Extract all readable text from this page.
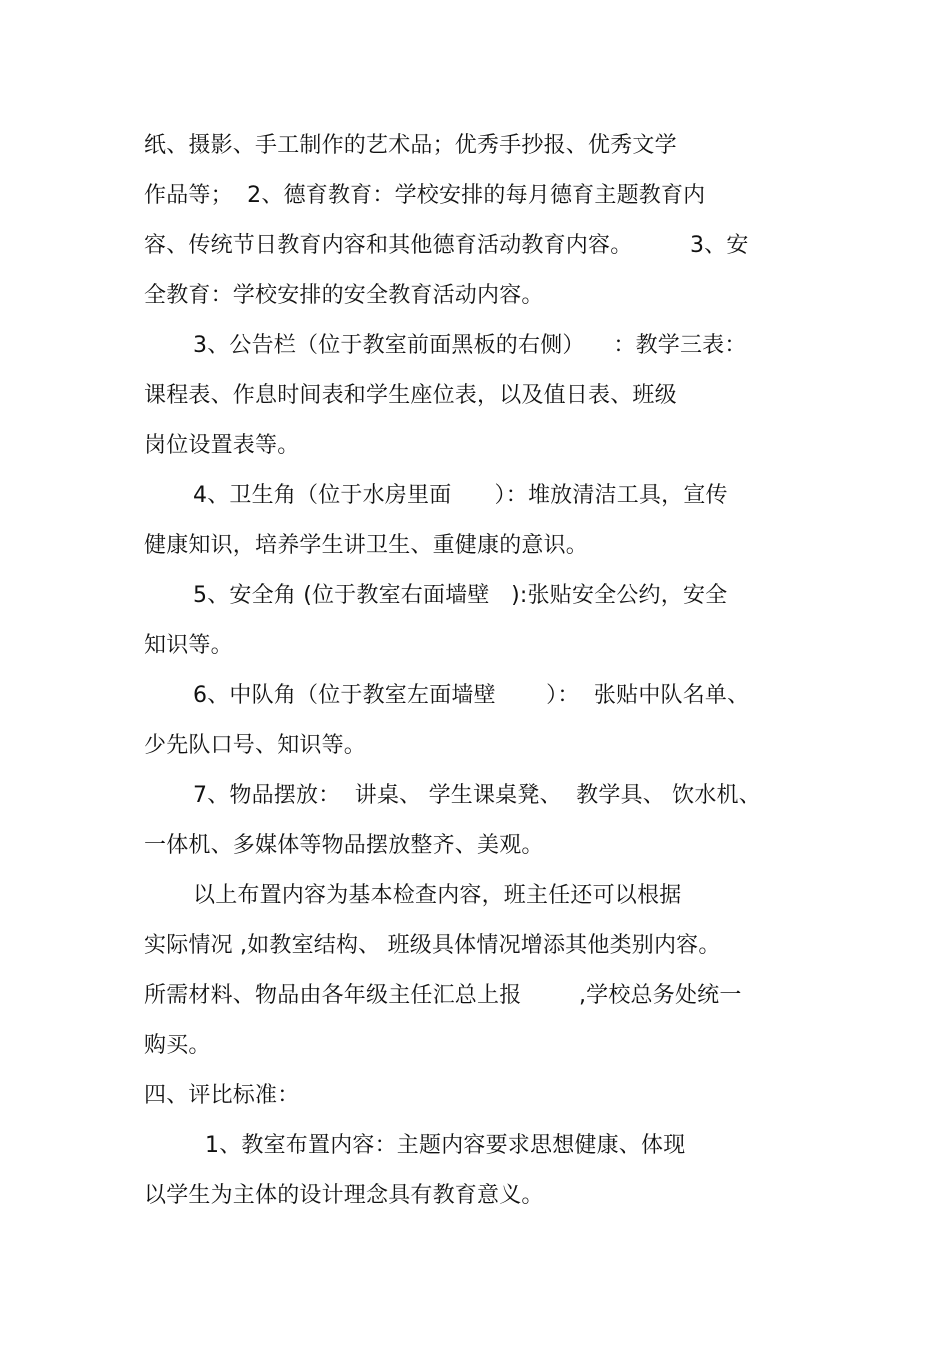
纸、摄影、手工制作的艺术品；优秀手抄报、优秀文学
作品等；  2、德育教育：学校安排的每月德育主题教育内
容、传统节日教育内容和其他德育活动教育内容。        3、安
全教育：学校安排的安全教育活动内容。
3、公告栏（位于教室前面黑板的右侧）    ：教学三表：
课程表、作息时间表和学生座位表，以及值日表、班级
岗位设置表等。
4、卫生角（位于水房里面      ）：堆放清洁工具，宣传
健康知识，培养学生讲卫生、重健康的意识。
5、安全角 (位于教室右面墙壁   ):张贴安全公约，安全
知识等。
6、中队角（位于教室左面墙壁       ）：  张贴中队名单、
少先队口号、知识等。
7、物品摆放：  讲桌、 学生课桌凳、  教学具、 饮水机、
一体机、多媒体等物品摆放整齐、美观。
以上布置内容为基本检查内容，班主任还可以根据
实际情况 ,如教室结构、 班级具体情况增添其他类别内容。
所需材料、物品由各年级主任汇总上报        ,学校总务处统一
购买。
四、评比标准：
1、教室布置内容：主题内容要求思想健康、体现
以学生为主体的设计理念具有教育意义。
